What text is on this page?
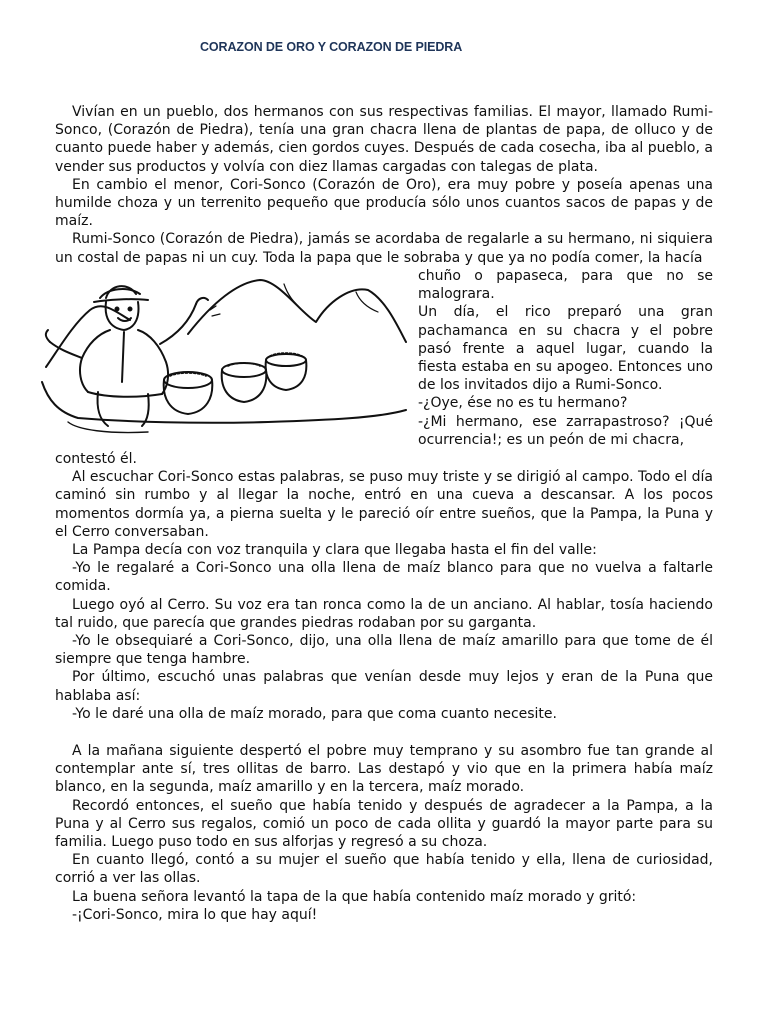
CORAZON DE ORO Y CORAZON DE PIEDRA

Vivían en un pueblo, dos hermanos con sus respectivas familias. El mayor, llamado Rumi-Sonco, (Corazón de Piedra), tenía una gran chacra llena de plantas de papa, de olluco y de cuanto puede haber y además, cien gordos cuyes. Después de cada cosecha, iba al pueblo, a vender sus productos y volvía con diez llamas cargadas con talegas de plata.

En cambio el menor, Cori-Sonco (Corazón de Oro), era muy pobre y poseía apenas una humilde choza y un terrenito pequeño que producía sólo unos cuantos sacos de papas y de maíz.

Rumi-Sonco (Corazón de Piedra), jamás se acordaba de regalarle a su hermano, ni siquiera un costal de papas ni un cuy. Toda la papa que le sobraba y que ya no podía comer, la hacía

chuño o papaseca, para que no se malograra.

Un día, el rico preparó una gran pachamanca en su chacra y el pobre pasó frente a aquel lugar, cuando la fiesta estaba en su apogeo. Entonces uno de los invitados dijo a Rumi-Sonco.

-¿Oye, ése no es tu hermano?

-¿Mi hermano, ese zarrapastroso? ¡Qué ocurrencia!; es un peón de mi chacra,

contestó él.

Al escuchar Cori-Sonco estas palabras, se puso muy triste y se dirigió al campo. Todo el día caminó sin rumbo y al llegar la noche, entró en una cueva a descansar. A los pocos momentos dormía ya, a pierna suelta y le pareció oír entre sueños, que la Pampa, la Puna y el Cerro conversaban.

La Pampa decía con voz tranquila y clara que llegaba hasta el fin del valle:

-Yo le regalaré a Cori-Sonco una olla llena de maíz blanco para que no vuelva a faltarle comida.

Luego oyó al Cerro. Su voz era tan ronca como la de un anciano. Al hablar, tosía haciendo tal ruido, que parecía que grandes piedras rodaban por su garganta.

-Yo le obsequiaré a Cori-Sonco, dijo, una olla llena de maíz amarillo para que tome de él siempre que tenga hambre.

Por último, escuchó unas palabras que venían desde muy lejos y eran de la Puna que hablaba así:

-Yo le daré una olla de maíz morado, para que coma cuanto necesite.

A la mañana siguiente despertó el pobre muy temprano y su asombro fue tan grande al contemplar ante sí, tres ollitas de barro. Las destapó y vio que en la primera había maíz blanco, en la segunda, maíz amarillo y en la tercera, maíz morado.

Recordó entonces, el sueño que había tenido y después de agradecer a la Pampa, a la Puna y al Cerro sus regalos, comió un poco de cada ollita y guardó la mayor parte para su familia. Luego puso todo en sus alforjas y regresó a su choza.

En cuanto llegó, contó a su mujer el sueño que había tenido y ella, llena de curiosidad, corrió a ver las ollas.

La buena señora levantó la tapa de la que había contenido maíz morado y gritó:

-¡Cori-Sonco, mira lo que hay aquí!
